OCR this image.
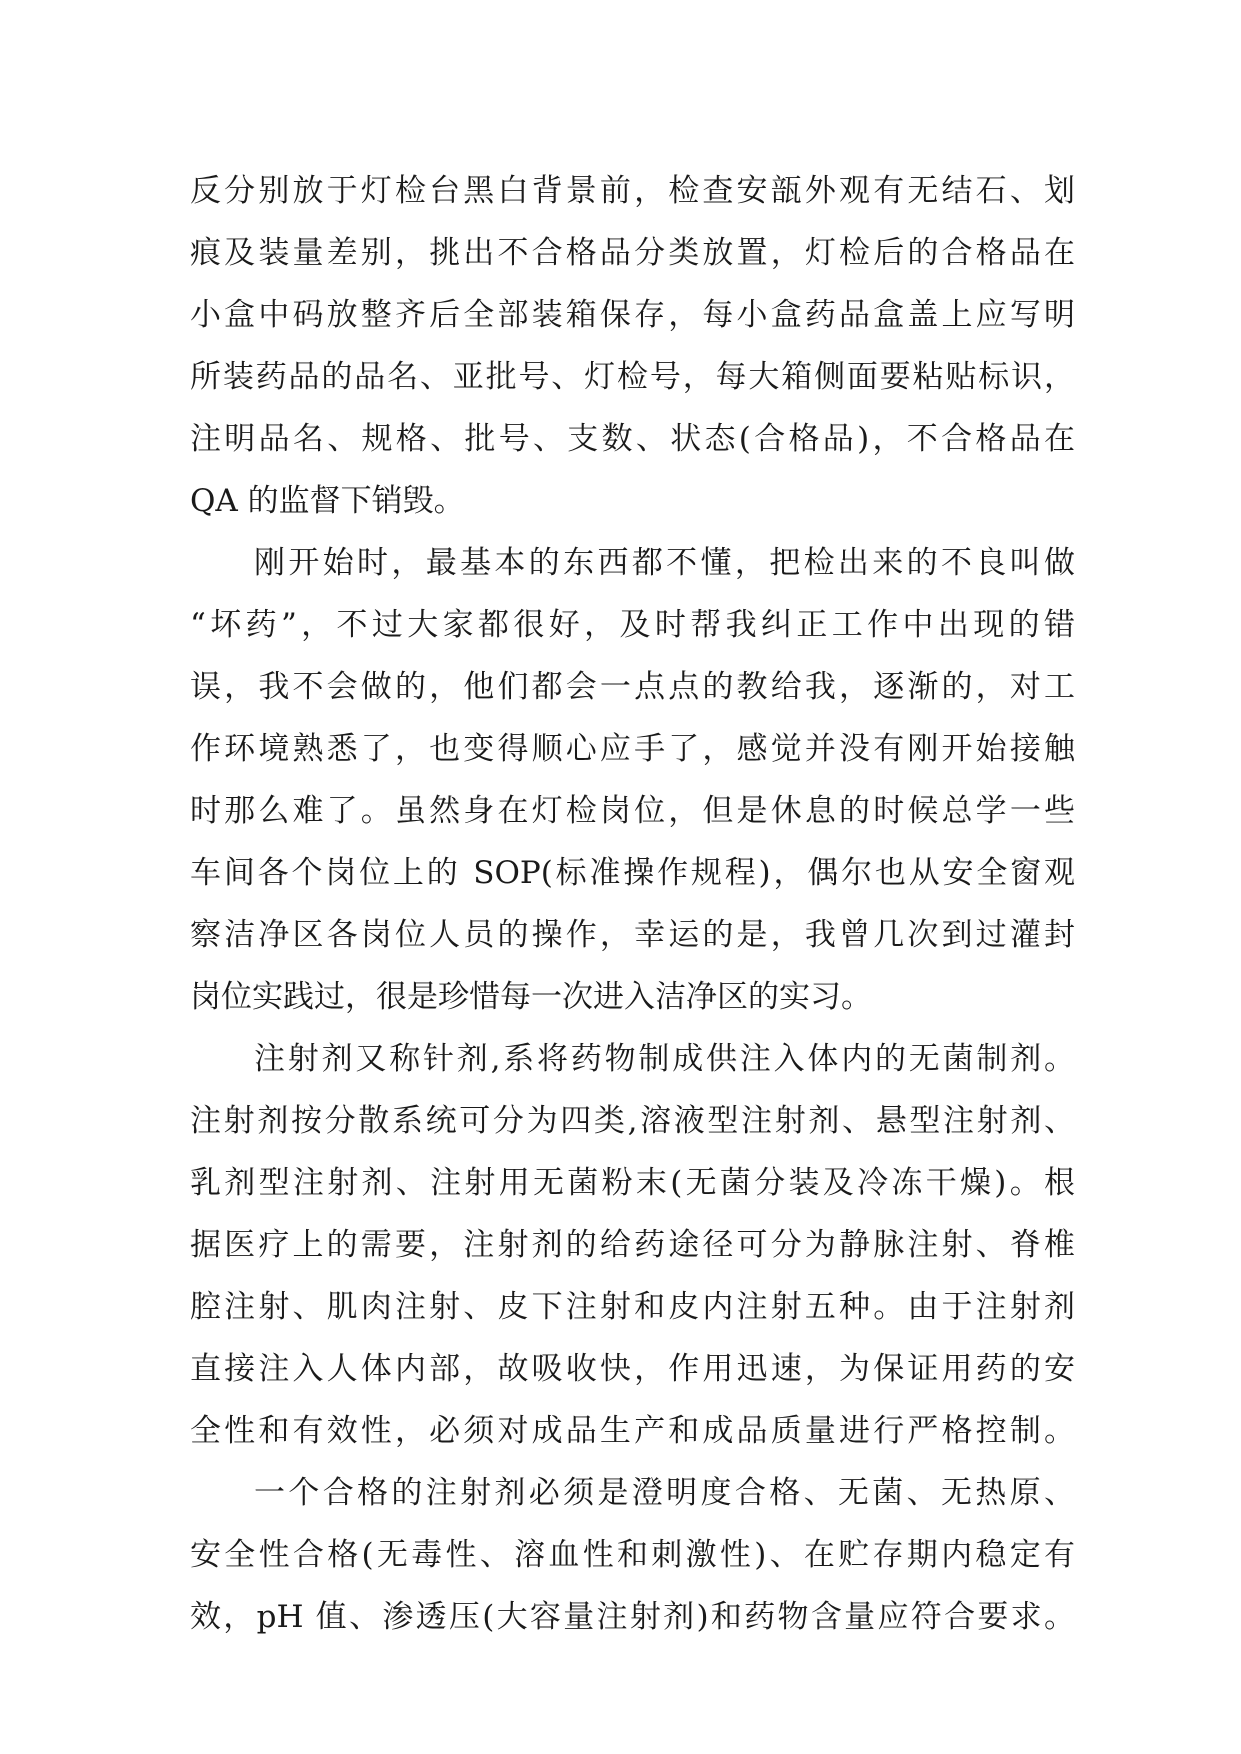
反分别放于灯检台黑白背景前，检查安瓿外观有无结石、划
痕及装量差别，挑出不合格品分类放置，灯检后的合格品在
小盒中码放整齐后全部装箱保存，每小盒药品盒盖上应写明
所装药品的品名、亚批号、灯检号，每大箱侧面要粘贴标识，
注明品名、规格、批号、支数、状态(合格品)，不合格品在
QA 的监督下销毁。
刚开始时，最基本的东西都不懂，把检出来的不良叫做
“坏药”，不过大家都很好，及时帮我纠正工作中出现的错
误，我不会做的，他们都会一点点的教给我，逐渐的，对工
作环境熟悉了，也变得顺心应手了，感觉并没有刚开始接触
时那么难了。虽然身在灯检岗位，但是休息的时候总学一些
车间各个岗位上的 SOP(标准操作规程)，偶尔也从安全窗观
察洁净区各岗位人员的操作，幸运的是，我曾几次到过灌封
岗位实践过，很是珍惜每一次进入洁净区的实习。
注射剂又称针剂,系将药物制成供注入体内的无菌制剂。
注射剂按分散系统可分为四类,溶液型注射剂、悬型注射剂、
乳剂型注射剂、注射用无菌粉末(无菌分装及冷冻干燥)。根
据医疗上的需要，注射剂的给药途径可分为静脉注射、脊椎
腔注射、肌肉注射、皮下注射和皮内注射五种。由于注射剂
直接注入人体内部，故吸收快，作用迅速，为保证用药的安
全性和有效性，必须对成品生产和成品质量进行严格控制。
一个合格的注射剂必须是澄明度合格、无菌、无热原、
安全性合格(无毒性、溶血性和刺激性)、在贮存期内稳定有
效，pH 值、渗透压(大容量注射剂)和药物含量应符合要求。
